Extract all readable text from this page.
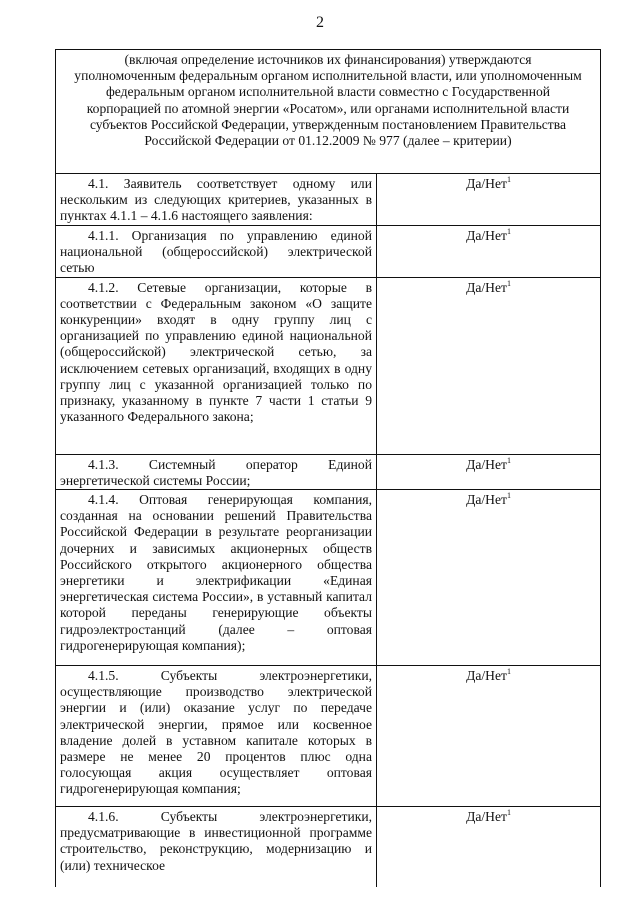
2
(включая определение источников их финансирования) утверждаются уполномоченным федеральным органом исполнительной власти, или уполномоченным федеральным органом исполнительной власти совместно с Государственной корпорацией по атомной энергии «Росатом», или органами исполнительной власти субъектов Российской Федерации, утвержденным постановлением Правительства Российской Федерации от 01.12.2009 № 977 (далее – критерии)	

4.1. Заявитель соответствует одному или нескольким из следующих критериев, указанных в пунктах 4.1.1 – 4.1.6 настоящего заявления:	Да/Нет$^1$

4.1.1. Организация по управлению единой национальной (общероссийской) электрической сетью	Да/Нет$^1$

4.1.2. Сетевые организации, которые в соответствии с Федеральным законом «О защите конкуренции» входят в одну группу лиц с организацией по управлению единой национальной (общероссийской) электрической сетью, за исключением сетевых организаций, входящих в одну группу лиц с указанной организацией только по признаку, указанному в пункте 7 части 1 статьи 9 указанного Федерального закона;	Да/Нет$^1$

4.1.3. Системный оператор Единой энергетической системы России;	Да/Нет$^1$

4.1.4. Оптовая генерирующая компания, созданная на основании решений Правительства Российской Федерации в результате реорганизации дочерних и зависимых акционерных обществ Российского открытого акционерного общества энергетики и электрификации «Единая энергетическая система России», в уставный капитал которой переданы генерирующие объекты гидроэлектростанций (далее – оптовая гидрогенерирующая компания);	Да/Нет$^1$

4.1.5. Субъекты электроэнергетики, осуществляющие производство электрической энергии и (или) оказание услуг по передаче электрической энергии, прямое или косвенное владение долей в уставном капитале которых в размере не менее 20 процентов плюс одна голосующая акция осуществляет оптовая гидрогенерирующая компания;	Да/Нет$^1$

4.1.6. Субъекты электроэнергетики, предусматривающие в инвестиционной программе строительство, реконструкцию, модернизацию и (или) техническое	Да/Нет$^1$
